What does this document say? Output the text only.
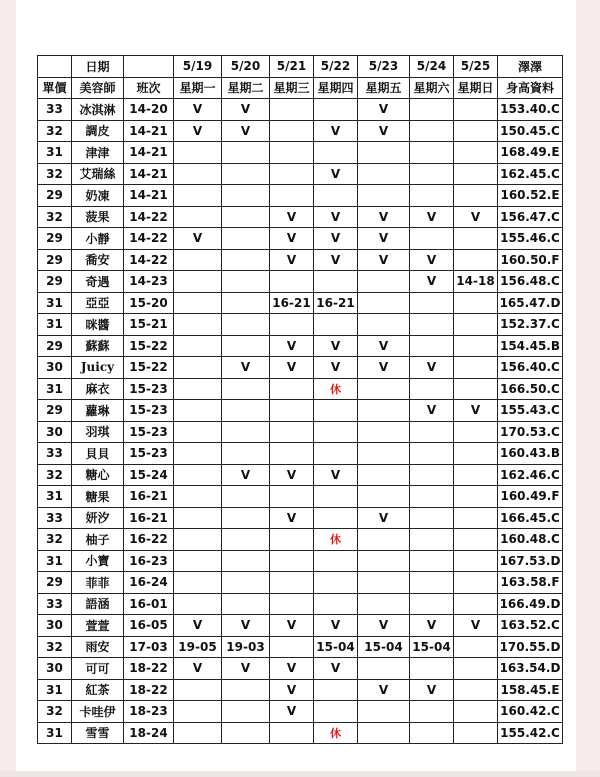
	日期		5/19	5/20	5/21	5/22	5/23	5/24	5/25	澤澤
單價	美容師	班次	星期一	星期二	星期三	星期四	星期五	星期六	星期日	身高資料
33	冰淇淋	14-20	V	V			V			153.40.C
32	調皮	14-21	V	V		V	V			150.45.C
31	津津	14-21								168.49.E
32	艾瑞絲	14-21				V				162.45.C
29	奶凍	14-21								160.52.E
32	菠果	14-22			V	V	V	V	V	156.47.C
29	小靜	14-22	V		V	V	V			155.46.C
29	喬安	14-22			V	V	V	V		160.50.F
29	奇遇	14-23						V	14-18	156.48.C
31	亞亞	15-20			16-21	16-21				165.47.D
31	咪醬	15-21								152.37.C
29	蘇蘇	15-22			V	V	V			154.45.B
30	Juicy	15-22		V	V	V	V	V		156.40.C
31	麻衣	15-23				休				166.50.C
29	蘿琳	15-23						V	V	155.43.C
30	羽琪	15-23								170.53.C
33	貝貝	15-23								160.43.B
32	糖心	15-24		V	V	V				162.46.C
31	糖果	16-21								160.49.F
33	妍汐	16-21			V		V			166.45.C
32	柚子	16-22				休				160.48.C
31	小寶	16-23								167.53.D
29	菲菲	16-24								163.58.F
33	語涵	16-01								166.49.D
30	萱萱	16-05	V	V	V	V	V	V	V	163.52.C
32	雨安	17-03	19-05	19-03		15-04	15-04	15-04		170.55.D
30	可可	18-22	V	V	V	V				163.54.D
31	紅茶	18-22			V		V	V		158.45.E
32	卡哇伊	18-23			V					160.42.C
31	雪雪	18-24				休				155.42.C
